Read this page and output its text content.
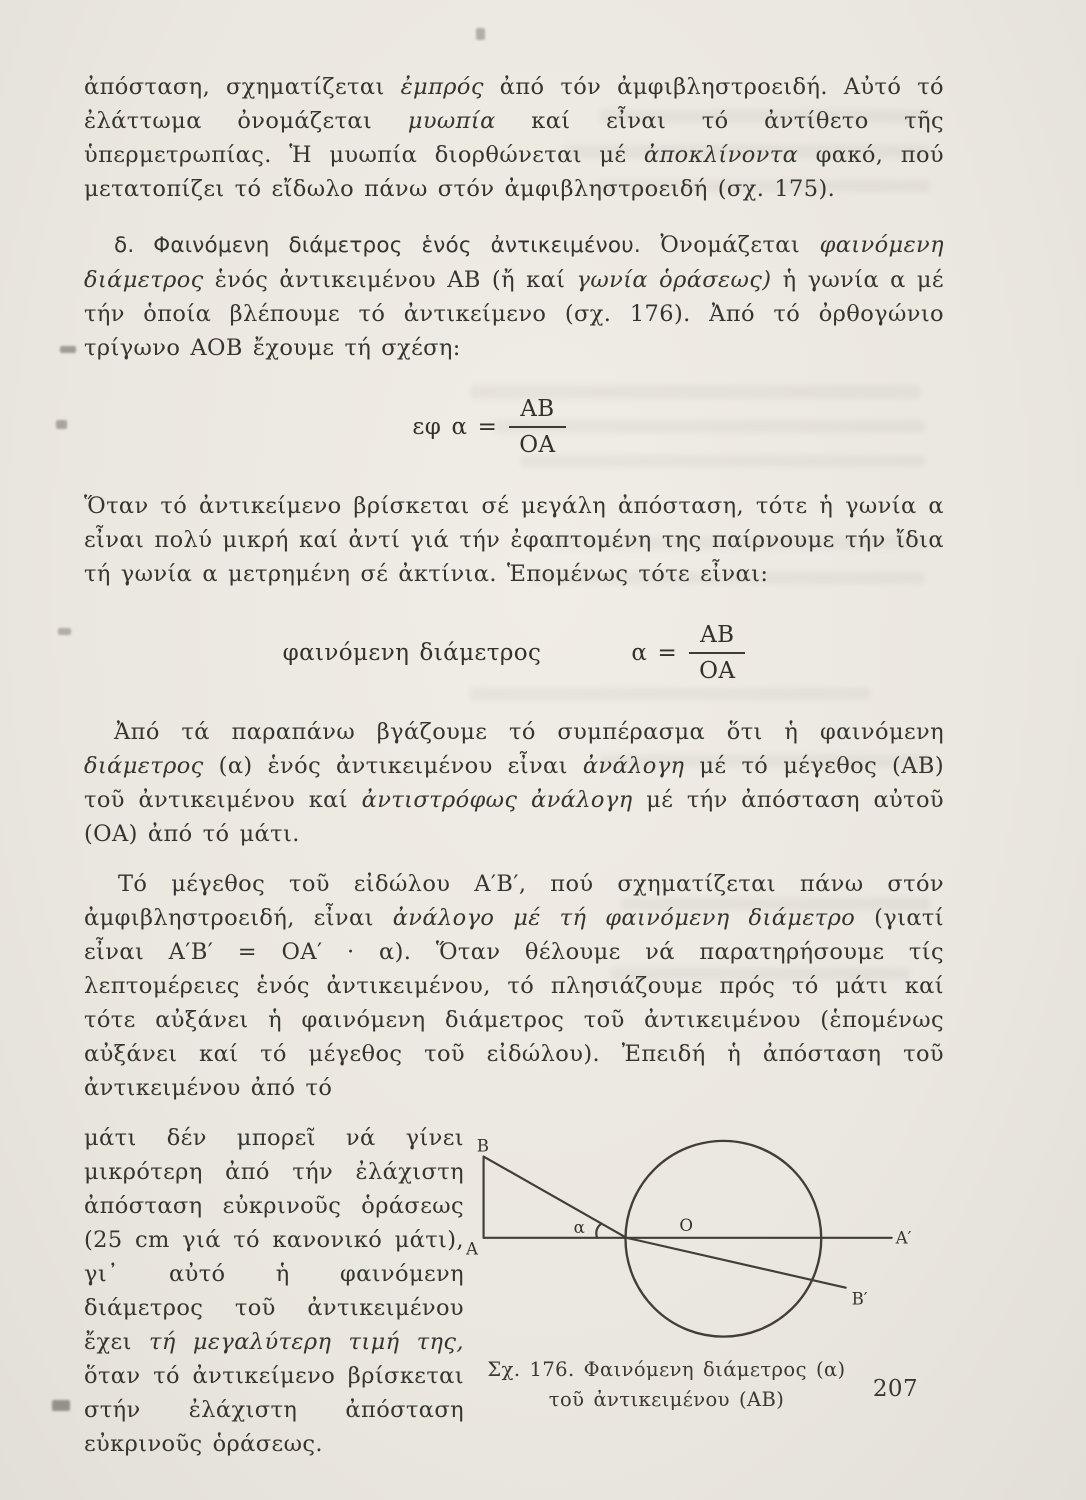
ἀπόσταση, σχηματίζεται ἐμπρός ἀπό τόν ἀμφιβληστροειδή. Αὐτό τό ἐλάττωμα ὀνομάζεται μυωπία καί εἶναι τό ἀντίθετο τῆς ὑπερμετρωπίας. Ἡ μυωπία διορθώνεται μέ ἀποκλίνοντα φακό, πού μετατοπίζει τό εἴδωλο πάνω στόν ἀμφιβληστροειδή (σχ. 175).

δ. Φαινόμενη διάμετρος ἑνός ἀντικειμένου. Ὀνομάζεται φαινόμενη διάμετρος ἑνός ἀντικειμένου ΑΒ (ἤ καί γωνία ὁράσεως) ἡ γωνία α μέ τήν ὁποία βλέπουμε τό ἀντικείμενο (σχ. 176). Ἀπό τό ὀρθογώνιο τρίγωνο ΑΟΒ ἔχουμε τή σχέση:

εφ $\alpha = \frac{AB}{OA}$

Ὅταν τό ἀντικείμενο βρίσκεται σέ μεγάλη ἀπόσταση, τότε ἡ γωνία α εἶναι πολύ μικρή καί ἀντί γιά τήν ἐφαπτομένη της παίρνουμε τήν ἴδια τή γωνία α μετρημένη σέ ἀκτίνια. Ἑπομένως τότε εἶναι:

φαινόμενη διάμετρος	$\alpha = \frac{AB}{OA}$

Ἀπό τά παραπάνω βγάζουμε τό συμπέρασμα ὅτι ἡ φαινόμενη διάμετρος (α) ἑνός ἀντικειμένου εἶναι ἀνάλογη μέ τό μέγεθος (ΑΒ) τοῦ ἀντικειμένου καί ἀντιστρόφως ἀνάλογη μέ τήν ἀπόσταση αὐτοῦ (ΟΑ) ἀπό τό μάτι.

Τό μέγεθος τοῦ εἰδώλου Α′Β′, πού σχηματίζεται πάνω στόν ἀμφιβληστροειδή, εἶναι ἀνάλογο μέ τή φαινόμενη διάμετρο (γιατί εἶναι Α′Β′ = ΟΑ′ · α). Ὅταν θέλουμε νά παρατηρήσουμε τίς λεπτομέρειες ἑνός ἀντικειμένου, τό πλησιάζουμε πρός τό μάτι καί τότε αὐξάνει ἡ φαινόμενη διάμετρος τοῦ ἀντικειμένου (ἑπομένως αὐξάνει καί τό μέγεθος τοῦ εἰδώλου). Ἐπειδή ἡ ἀπόσταση τοῦ ἀντικειμένου ἀπό τό

μάτι δέν μπορεῖ νά γίνει μικρότερη ἀπό τήν ἐλάχιστη ἀπόσταση εὐκρινοῦς ὁράσεως (25 cm γιά τό κανονικό μάτι), γι᾽ αὐτό ἡ φαινόμενη διάμετρος τοῦ ἀντικειμένου ἔχει τή μεγαλύτερη τιμή της, ὅταν τό ἀντικείμενο βρίσκεται στήν ἐλάχιστη ἀπόσταση εὐκρινοῦς ὁράσεως.
Β
Α
α	Ο
Α′
Β′
Σχ. 176. Φαινόμενη διάμετρος (α)
τοῦ ἀντικειμένου (ΑΒ)	207
